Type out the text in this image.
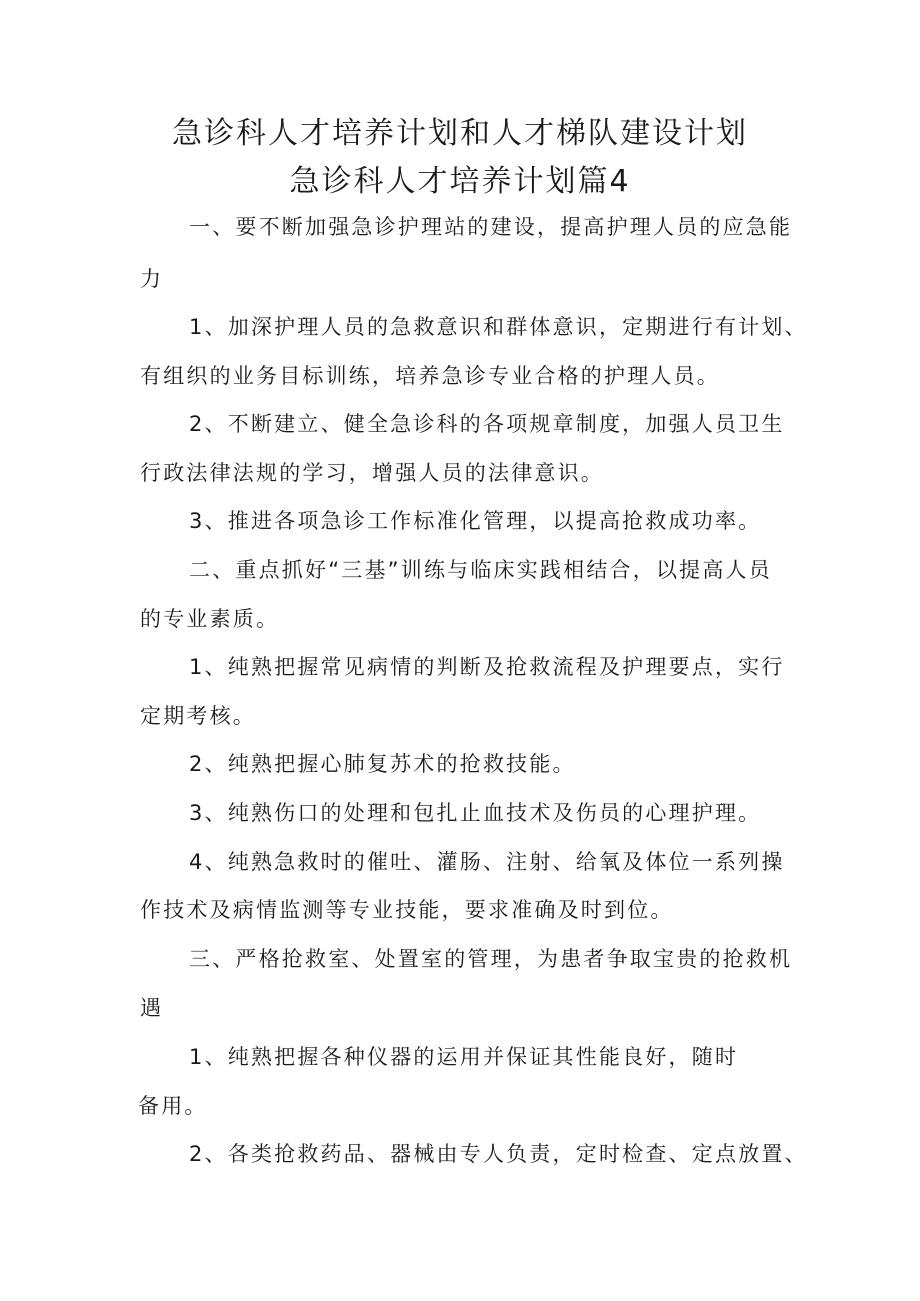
急诊科人才培养计划和人才梯队建设计划
急诊科人才培养计划篇4
一、要不断加强急诊护理站的建设，提高护理人员的应急能
力
1、加深护理人员的急救意识和群体意识，定期进行有计划、
有组织的业务目标训练，培养急诊专业合格的护理人员。
2、不断建立、健全急诊科的各项规章制度，加强人员卫生
行政法律法规的学习，增强人员的法律意识。
3、推进各项急诊工作标准化管理，以提高抢救成功率。
二、重点抓好“三基”训练与临床实践相结合，以提高人员
的专业素质。
1、纯熟把握常见病情的判断及抢救流程及护理要点，实行
定期考核。
2、纯熟把握心肺复苏术的抢救技能。
3、纯熟伤口的处理和包扎止血技术及伤员的心理护理。
4、纯熟急救时的催吐、灌肠、注射、给氧及体位一系列操
作技术及病情监测等专业技能，要求准确及时到位。
三、严格抢救室、处置室的管理，为患者争取宝贵的抢救机
遇
1、纯熟把握各种仪器的运用并保证其性能良好，随时
备用。
2、各类抢救药品、器械由专人负责，定时检查、定点放置、
